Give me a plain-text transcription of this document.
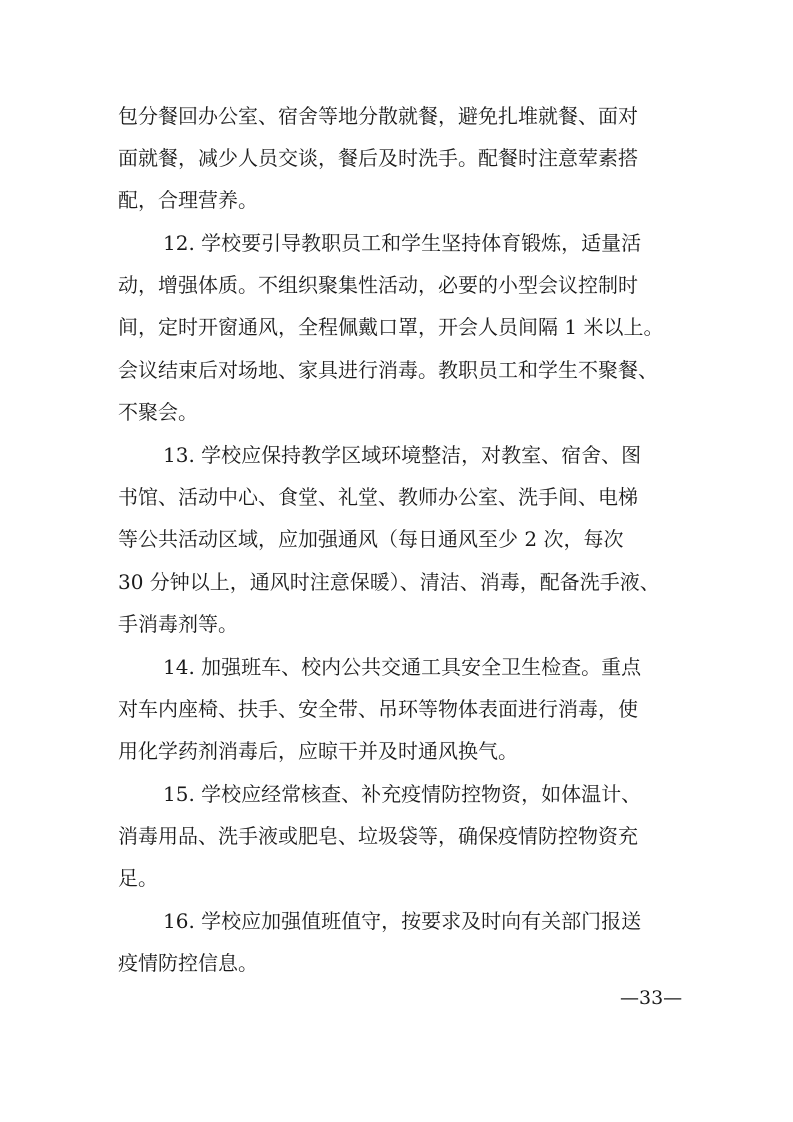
包分餐回办公室、宿舍等地分散就餐，避免扎堆就餐、面对
面就餐，减少人员交谈，餐后及时洗手。配餐时注意荤素搭
配，合理营养。
12. 学校要引导教职员工和学生坚持体育锻炼，适量活
动，增强体质。不组织聚集性活动，必要的小型会议控制时
间，定时开窗通风，全程佩戴口罩，开会人员间隔 1 米以上。
会议结束后对场地、家具进行消毒。教职员工和学生不聚餐、
不聚会。
13. 学校应保持教学区域环境整洁，对教室、宿舍、图
书馆、活动中心、食堂、礼堂、教师办公室、洗手间、电梯
等公共活动区域，应加强通风（每日通风至少 2 次，每次
30 分钟以上，通风时注意保暖）、清洁、消毒，配备洗手液、
手消毒剂等。
14. 加强班车、校内公共交通工具安全卫生检查。重点
对车内座椅、扶手、安全带、吊环等物体表面进行消毒，使
用化学药剂消毒后，应晾干并及时通风换气。
15. 学校应经常核查、补充疫情防控物资，如体温计、
消毒用品、洗手液或肥皂、垃圾袋等，确保疫情防控物资充
足。
16. 学校应加强值班值守，按要求及时向有关部门报送
疫情防控信息。
—33—
